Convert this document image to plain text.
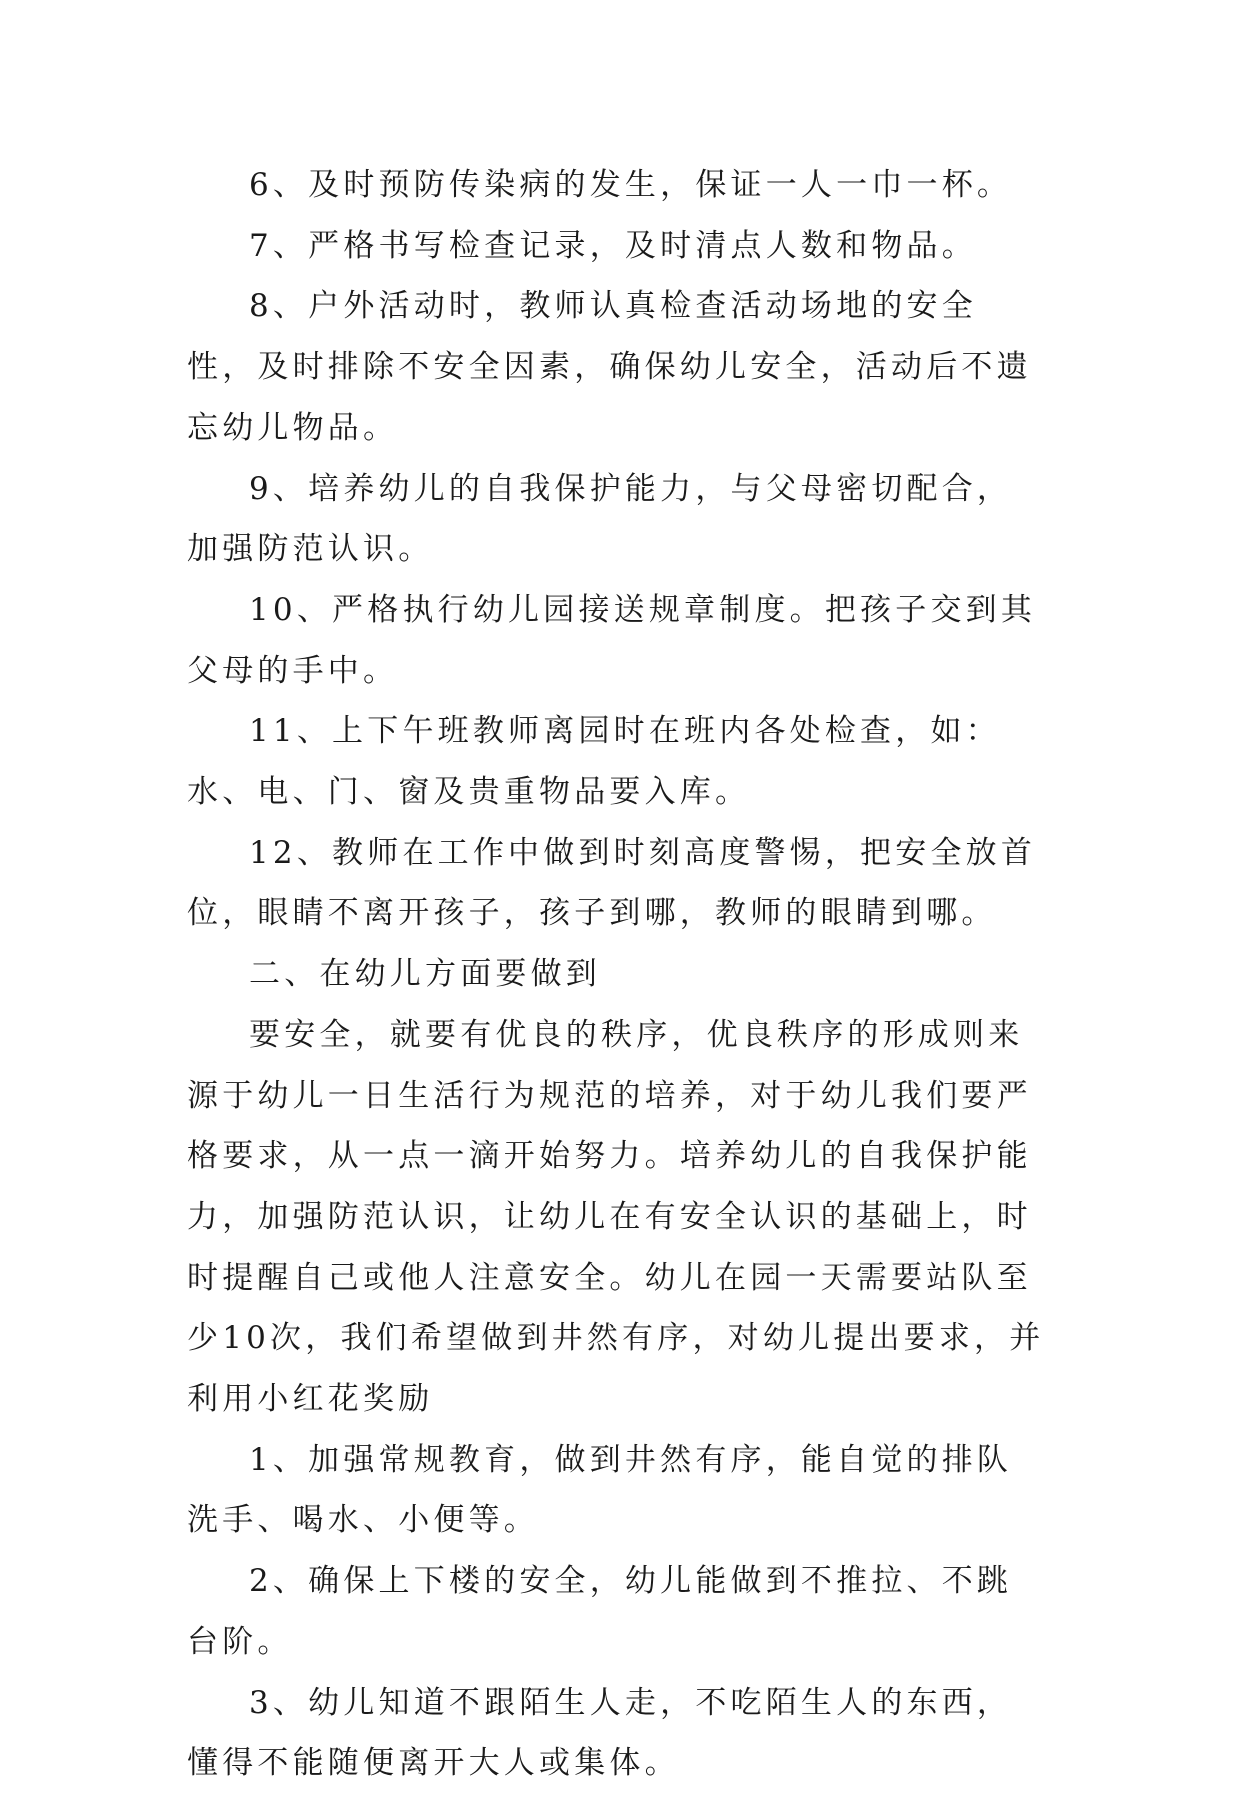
6、及时预防传染病的发生，保证一人一巾一杯。

7、严格书写检查记录，及时清点人数和物品。

8、户外活动时，教师认真检查活动场地的安全性，及时排除不安全因素，确保幼儿安全，活动后不遗忘幼儿物品。

9、培养幼儿的自我保护能力，与父母密切配合，加强防范认识。

10、严格执行幼儿园接送规章制度。把孩子交到其父母的手中。

11、上下午班教师离园时在班内各处检查，如：水、电、门、窗及贵重物品要入库。

12、教师在工作中做到时刻高度警惕，把安全放首位，眼睛不离开孩子，孩子到哪，教师的眼睛到哪。

二、在幼儿方面要做到

要安全，就要有优良的秩序，优良秩序的形成则来源于幼儿一日生活行为规范的培养，对于幼儿我们要严格要求，从一点一滴开始努力。培养幼儿的自我保护能力，加强防范认识，让幼儿在有安全认识的基础上，时时提醒自己或他人注意安全。幼儿在园一天需要站队至少10次，我们希望做到井然有序，对幼儿提出要求，并利用小红花奖励

1、加强常规教育，做到井然有序，能自觉的排队洗手、喝水、小便等。

2、确保上下楼的安全，幼儿能做到不推拉、不跳台阶。

3、幼儿知道不跟陌生人走，不吃陌生人的东西，懂得不能随便离开大人或集体。
